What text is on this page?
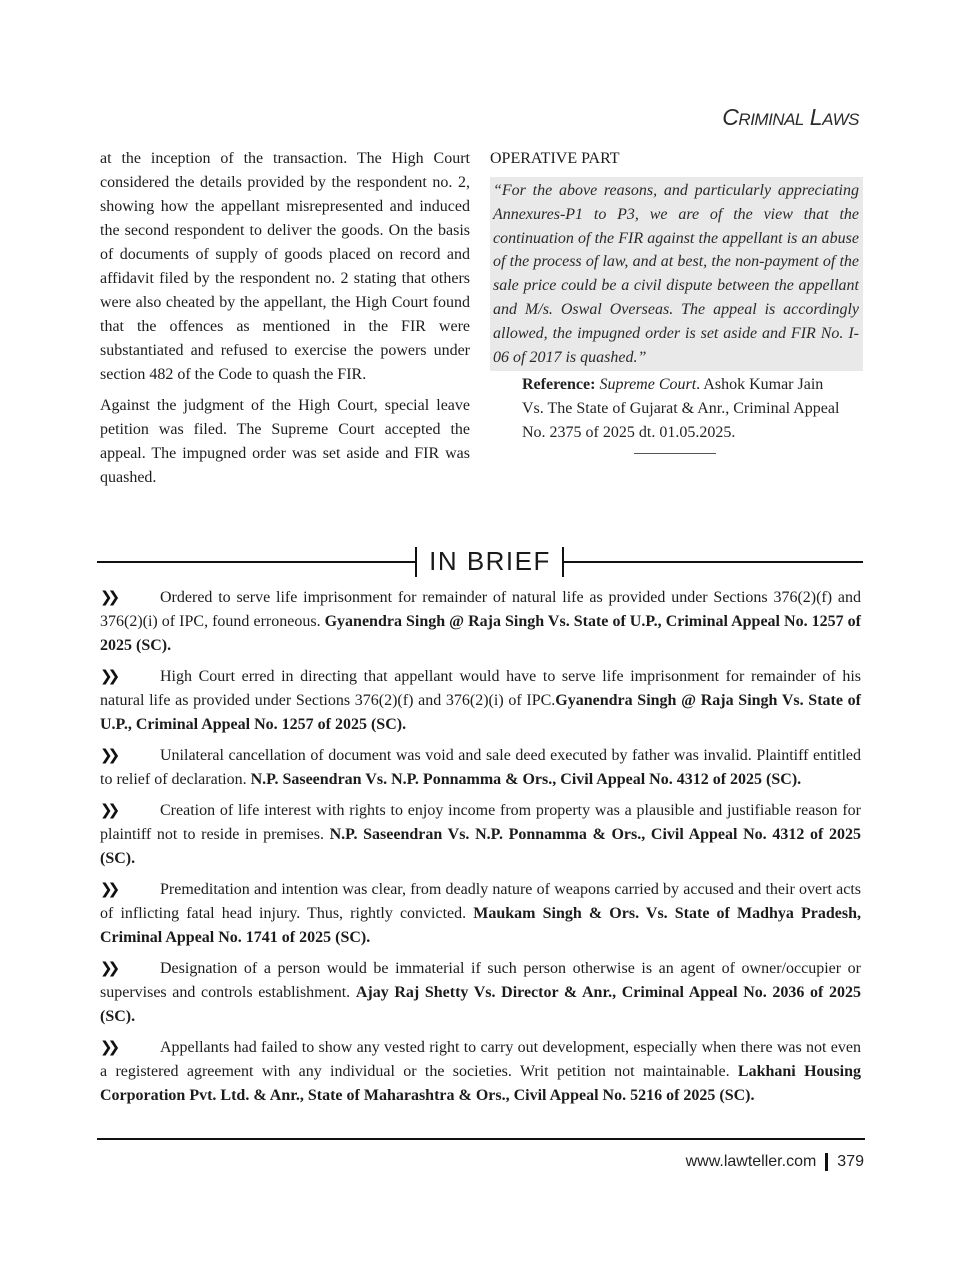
CRIMINAL LAWS

at the inception of the transaction. The High Court considered the details provided by the respondent no. 2, showing how the appellant misrepresented and induced the second respondent to deliver the goods. On the basis of documents of supply of goods placed on record and affidavit filed by the respondent no. 2 stating that others were also cheated by the appellant, the High Court found that the offences as mentioned in the FIR were substantiated and refused to exercise the powers under section 482 of the Code to quash the FIR.

Against the judgment of the High Court, special leave petition was filed. The Supreme Court accepted the appeal. The impugned order was set aside and FIR was quashed.

OPERATIVE PART
“For the above reasons, and particularly appreciating Annexures-P1 to P3, we are of the view that the continuation of the FIR against the appellant is an abuse of the process of law, and at best, the non-payment of the sale price could be a civil dispute between the appellant and M/s. Oswal Overseas. The appeal is accordingly allowed, the impugned order is set aside and FIR No. I-06 of 2017 is quashed.”
Reference: Supreme Court. Ashok Kumar Jain Vs. The State of Gujarat & Anr., Criminal Appeal No. 2375 of 2025 dt. 01.05.2025.
IN BRIEF
❯❯	Ordered to serve life imprisonment for remainder of natural life as provided under Sections 376(2)(f) and 376(2)(i) of IPC, found erroneous. Gyanendra Singh @ Raja Singh Vs. State of U.P., Criminal Appeal No. 1257 of 2025 (SC).
❯❯	High Court erred in directing that appellant would have to serve life imprisonment for remainder of his natural life as provided under Sections 376(2)(f) and 376(2)(i) of IPC.Gyanendra Singh @ Raja Singh Vs. State of U.P., Criminal Appeal No. 1257 of 2025 (SC).
❯❯	Unilateral cancellation of document was void and sale deed executed by father was invalid. Plaintiff entitled to relief of declaration. N.P. Saseendran Vs. N.P. Ponnamma & Ors., Civil Appeal No. 4312 of 2025 (SC).
❯❯	Creation of life interest with rights to enjoy income from property was a plausible and justifiable reason for plaintiff not to reside in premises. N.P. Saseendran Vs. N.P. Ponnamma & Ors., Civil Appeal No. 4312 of 2025 (SC).
❯❯	Premeditation and intention was clear, from deadly nature of weapons carried by accused and their overt acts of inflicting fatal head injury. Thus, rightly convicted. Maukam Singh & Ors. Vs. State of Madhya Pradesh, Criminal Appeal No. 1741 of 2025 (SC).
❯❯	Designation of a person would be immaterial if such person otherwise is an agent of owner/occupier or supervises and controls establishment. Ajay Raj Shetty Vs. Director & Anr., Criminal Appeal No. 2036 of 2025 (SC).
❯❯	Appellants had failed to show any vested right to carry out development, especially when there was not even a registered agreement with any individual or the societies. Writ petition not maintainable. Lakhani Housing Corporation Pvt. Ltd. & Anr., State of Maharashtra & Ors., Civil Appeal No. 5216 of 2025 (SC).
www.lawteller.com 379
